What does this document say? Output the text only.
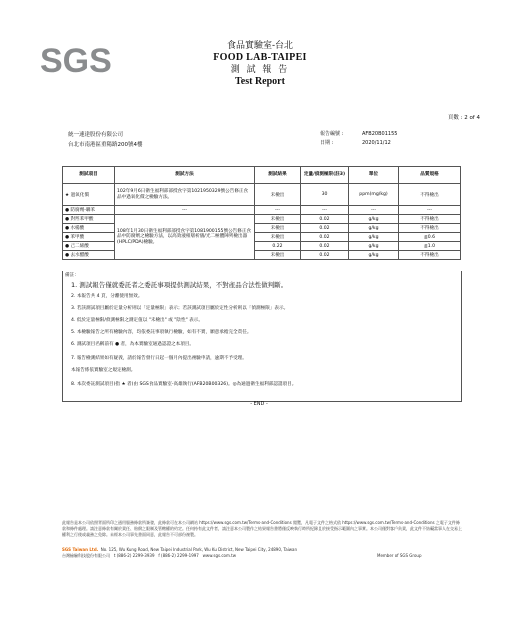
SGS	食品實驗室-台北
FOOD LAB-TAIPEI
測 試 報 告
Test Report
頁數 : 2 of 4
統一速達股份有限公司
台北市南港區重陽路200號4樓
報告編號 :	AFB20B01155
日期 :	2020/11/12
測試項目	測試方法	測試結果	定量/偵測極限(註3)	單位	品質規格
★ 過氧化價	102年9月6日衛生福利部部授食字第1021950329號公告修正食品中過氧化價之檢驗方法。	未檢出	30	ppm(mg/kg)	不得檢出
● 防腐劑-聯苯	---	---	---	---	---
● 對羥苯甲酸	108年1月30日衛生福利部部授食字第1081900155號公告修正食品中防腐劑之檢驗方法，以高效液相層析儀/光二極體陣列檢出器(HPLC/PDA)檢驗。	未檢出	0.02	g/kg	不得檢出
● 水楊酸		未檢出	0.02	g/kg	不得檢出
● 苯甲酸		未檢出	0.02	g/kg	≦0.6
● 己二烯酸		0.22	0.02	g/kg	≦1.0
● 去水醋酸		未檢出	0.02	g/kg	不得檢出
備註：
1. 測試報告僅就委託者之委託事項提供測試結果，不對產品合法性做判斷。
2. 本報告共 4 頁，分離使用無效。
3. 若該測試項目屬於定量分析則以「定量極限」表示；若該測試項目屬於定性分析則以「偵測極限」表示。
4. 低於定量極限/偵測極限之測定值以 "未檢出" 或 "陰性" 表示。
5. 本檢驗報告之所有檢驗內容，均依委託事項執行檢驗，如有不實，願意承擔完全責任。
6. 測試項目名稱前有 ● 者，為本實驗室通過認證之本項目。
7. 報告檢測結果如有疑義，請於報告發行日起一個月內提出複驗申請，逾期不予受理。
本報告係依實驗室之規定檢測。
8. 本次委託測試項目(指 ★ 者)由 SGS食品實驗室-高雄執行(AFB20B00326)。◎為通過衛生福利部認證項目。
- END -
此報告是本公司依照背面所印之通用服務條款所簽發，此條款可在本公司網站 https://www.sgs.com.tw/Terms-and-Conditions 閱覽，凡電子文件之格式依 https://www.sgs.com.tw/Terms-and-Conditions 之電子文件條款和條件處理。請注意條款有關於責任、賠償之限制及管轄權的約定。任何持有此文件者，請注意本公司製作之結果報告書將僅反映執行時所紀錄且於接受指示範圍內之事實。本公司僅對客戶負責，此文件不妨礙當事人在交易上權利之行使或義務之免除。未經本公司事先書面同意，此報告不可部份複製。
SGS Taiwan Ltd. No. 125, Wu Kung Road, New Taipei Industrial Park, Wu Ku District, New Taipei City, 24890, Taiwan
台灣檢驗科技股份有限公司 t (886-2) 2299-3939 f (886-2) 2299-1997 www.sgs.com.tw	Member of SGS Group
